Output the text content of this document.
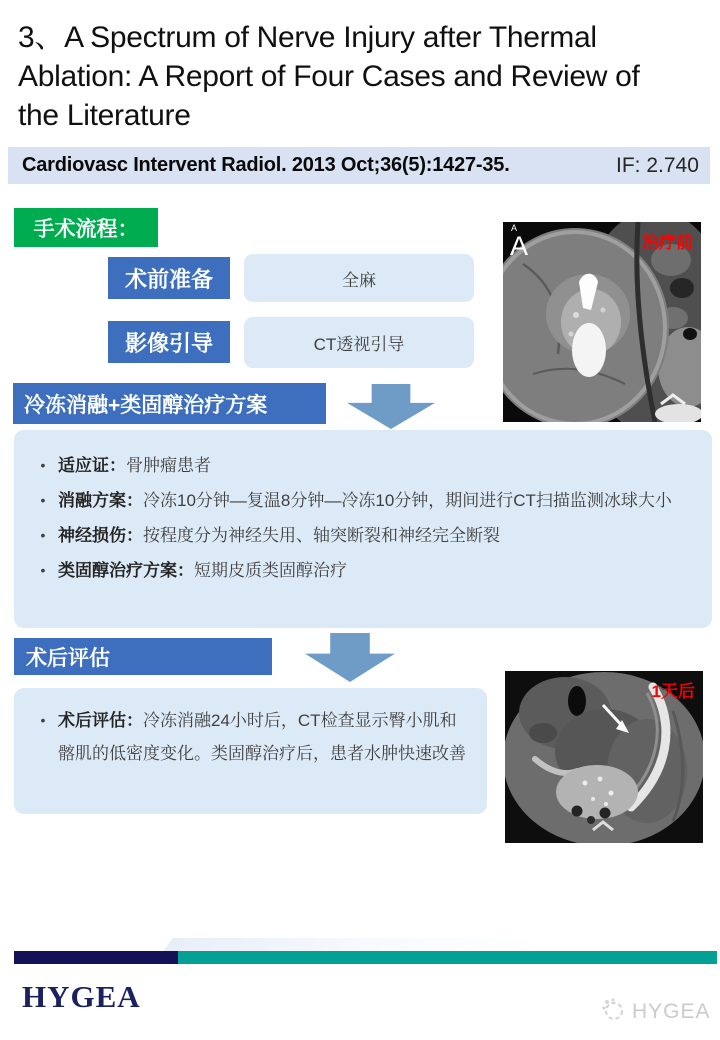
3、A Spectrum of Nerve Injury after Thermal
Ablation: A Report of Four Cases and Review of
the Literature
Cardiovasc Intervent Radiol. 2013 Oct;36(5):1427-35.	IF: 2.740
手术流程：
术前准备	全麻
影像引导	CT透视引导
冷冻消融+类固醇治疗方案
A
A	治疗前
• 适应证：骨肿瘤患者
• 消融方案：冷冻10分钟—复温8分钟—冷冻10分钟，期间进行CT扫描监测冰球大小
• 神经损伤：按程度分为神经失用、轴突断裂和神经完全断裂
• 类固醇治疗方案：短期皮质类固醇治疗
术后评估
• 术后评估：冷冻消融24小时后，CT检查显示臀小肌和髂肌的低密度变化。类固醇治疗后，患者水肿快速改善
1天后
HYGEA	HYGEA
